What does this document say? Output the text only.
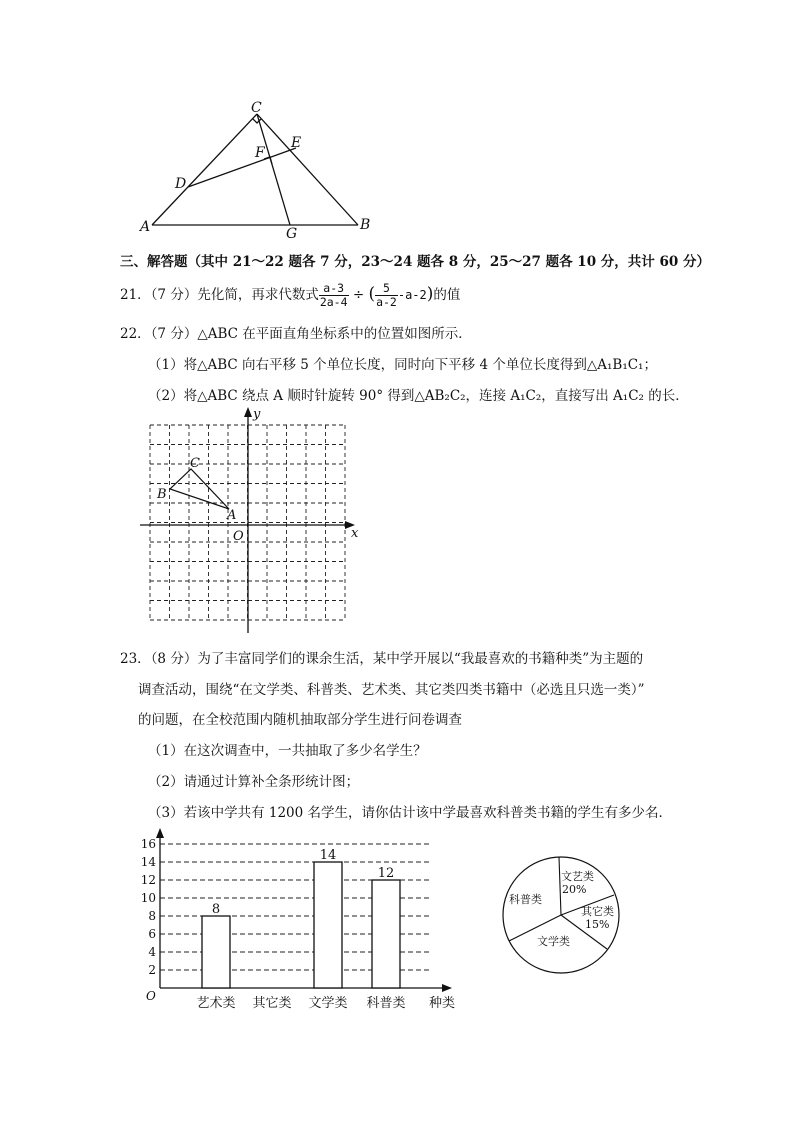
C
E
F
D
A	G
B
三、解答题（其中 21～22 题各 7 分，23～24 题各 8 分，25～27 题各 10 分，共计 60 分）
21．（7 分）先化简，再求代数式 $\frac{a-3}{2a-4}$ ÷ ( $\frac{5}{a-2} -a-2$)的值
22．（7 分）△ABC 在平面直角坐标系中的位置如图所示．
（1）将△ABC 向右平移 5 个单位长度，同时向下平移 4 个单位长度得到△A₁B₁C₁；
（2）将△ABC 绕点 A 顺时针旋转 90° 得到△AB₂C₂，连接 A₁C₂，直接写出 A₁C₂ 的长．
x
y
O
A
B
C
23．（8 分）为了丰富同学们的课余生活，某中学开展以“我最喜欢的书籍种类”为主题的
调查活动，围绕“在文学类、科普类、艺术类、其它类四类书籍中（必选且只选一类）”
的问题，在全校范围内随机抽取部分学生进行问卷调查
（1）在这次调查中，一共抽取了多少名学生？
（2）请通过计算补全条形统计图；
（3）若该中学共有 1200 名学生，请你估计该中学最喜欢科普类书籍的学生有多少名．
2
4
6
8
10
12
14
16
O
8
艺术类 其它类
14
文学类
12
科普类 种类
文艺类
20%
其它类
15%
文学类
科普类
